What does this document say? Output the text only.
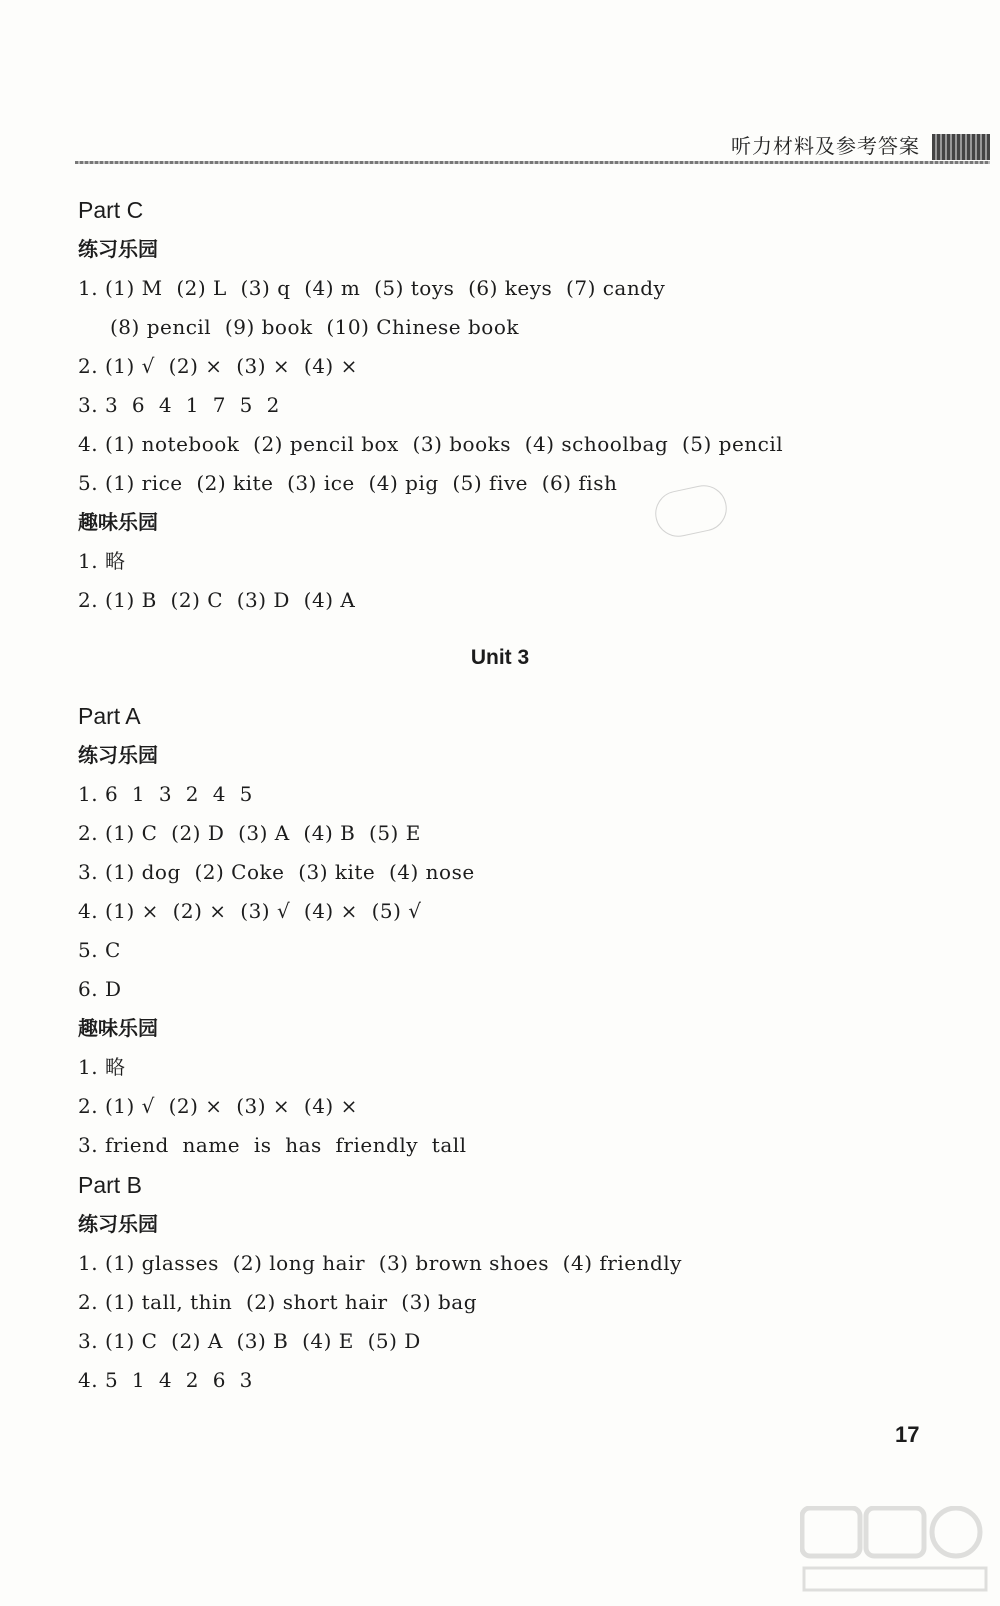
听力材料及参考答案
Part C
练习乐园
1. (1) M  (2) L  (3) q  (4) m  (5) toys  (6) keys  (7) candy
(8) pencil  (9) book  (10) Chinese book
2. (1) √  (2) ×  (3) ×  (4) ×
3. 3  6  4  1  7  5  2
4. (1) notebook  (2) pencil box  (3) books  (4) schoolbag  (5) pencil
5. (1) rice  (2) kite  (3) ice  (4) pig  (5) five  (6) fish
趣味乐园
1. 略
2. (1) B  (2) C  (3) D  (4) A
Unit 3
Part A
练习乐园
1. 6  1  3  2  4  5
2. (1) C  (2) D  (3) A  (4) B  (5) E
3. (1) dog  (2) Coke  (3) kite  (4) nose
4. (1) ×  (2) ×  (3) √  (4) ×  (5) √
5. C
6. D
趣味乐园
1. 略
2. (1) √  (2) ×  (3) ×  (4) ×
3. friend  name  is  has  friendly  tall
Part B
练习乐园
1. (1) glasses  (2) long hair  (3) brown shoes  (4) friendly
2. (1) tall, thin  (2) short hair  (3) bag
3. (1) C  (2) A  (3) B  (4) E  (5) D
4. 5  1  4  2  6  3
17
